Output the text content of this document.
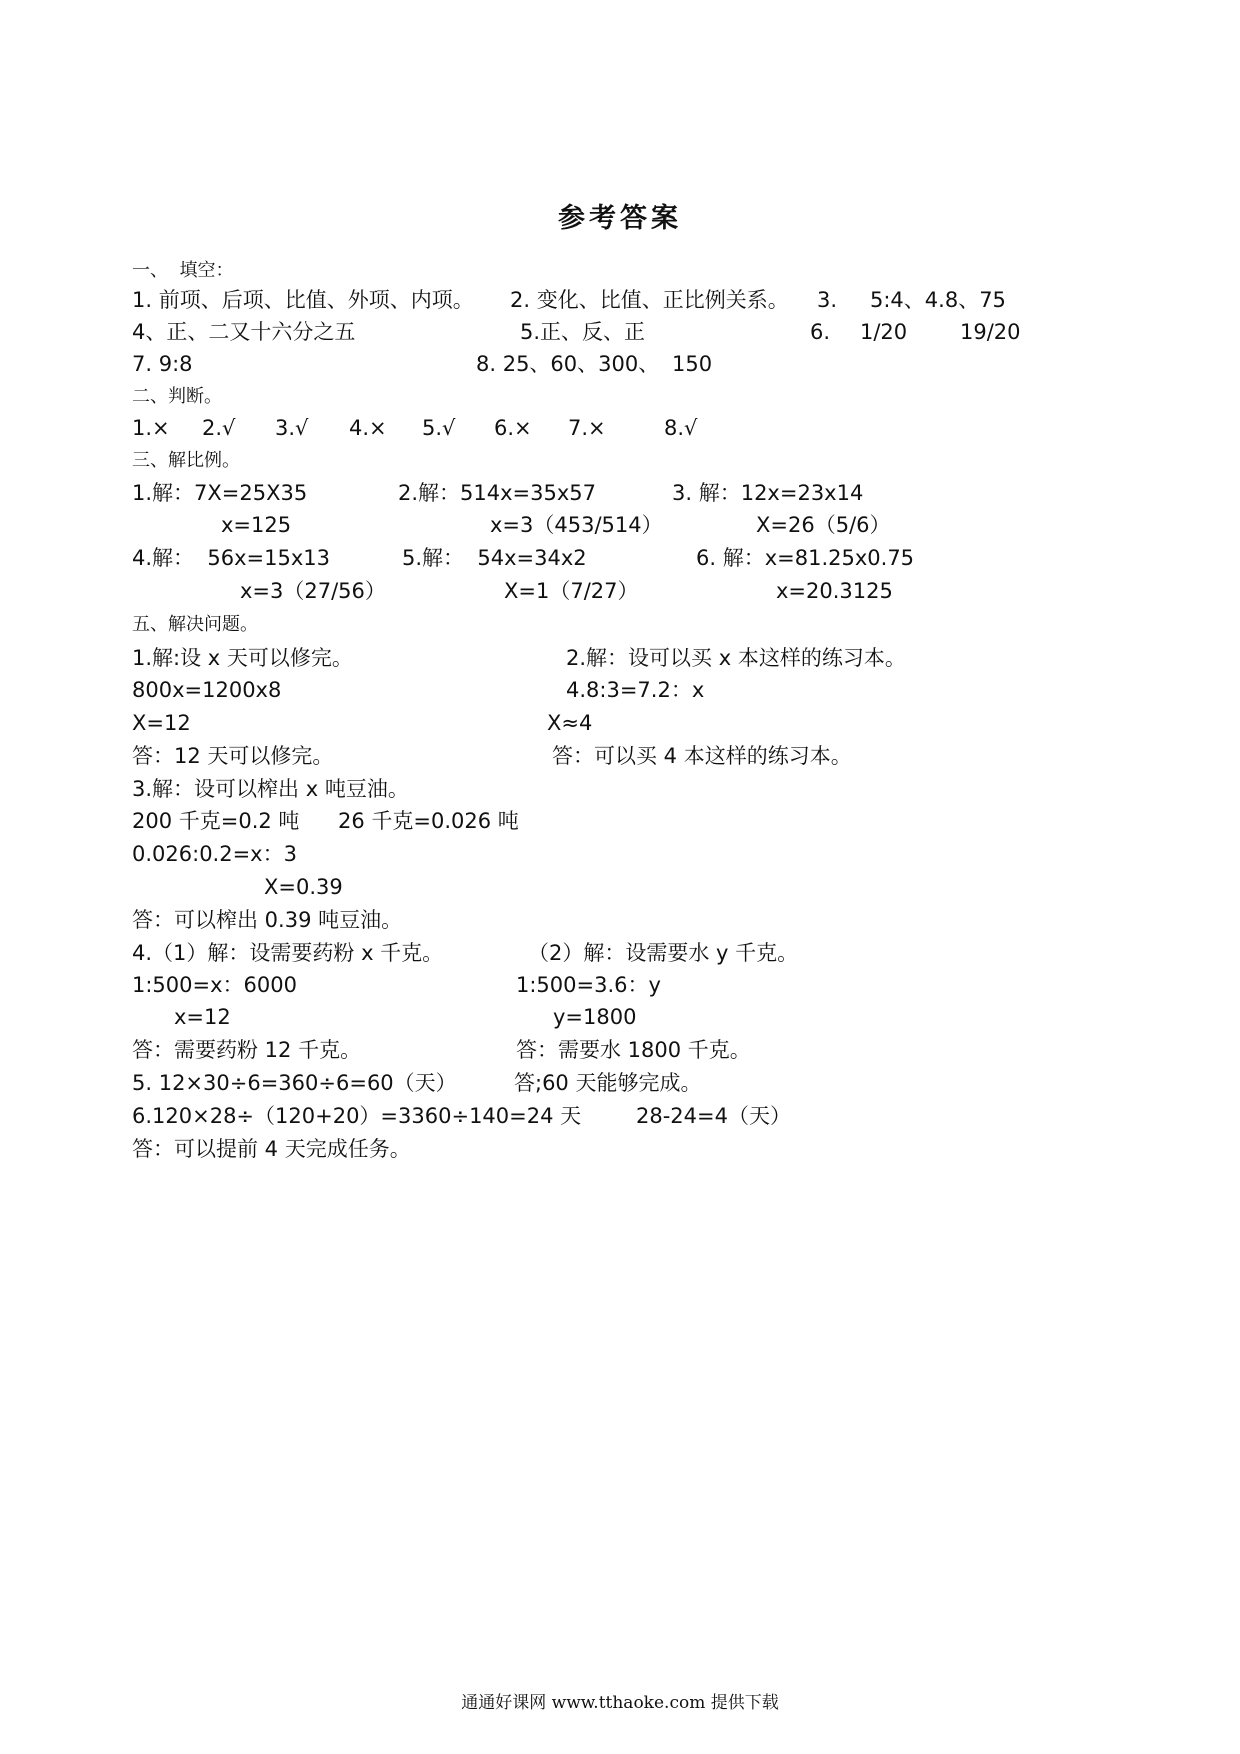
参考答案
一、  填空：
1. 前项、后项、比值、外项、内项。 2. 变化、比值、正比例关系。 3. 5:4、4.8、75
4、正、二又十六分之五	5.正、反、正	6. 1/20	19/20
7. 9:8	8. 25、60、300、 150
二、判断。
1.× 2.√ 3.√ 4.× 5.√ 6.× 7.×	8.√
三、解比例。
1.解：7X=25X35	2.解：514x=35x57	3. 解：12x=23x14
x=125	x=3（453/514）	X=26（5/6）
4.解：  56x=15x13	5.解：  54x=34x2	6. 解：x=81.25x0.75
x=3（27/56）	X=1（7/27）	x=20.3125
五、解决问题。
1.解:设 x 天可以修完。
800x=1200x8
X=12
答：12 天可以修完。
2.解：设可以买 x 本这样的练习本。
4.8:3=7.2：x
X≈4
答：可以买 4 本这样的练习本。
3.解：设可以榨出 x 吨豆油。
200 千克=0.2 吨 26 千克=0.026 吨
0.026:0.2=x：3
X=0.39
答：可以榨出 0.39 吨豆油。
4.（1）解：设需要药粉 x 千克。
1:500=x：6000
x=12
答：需要药粉 12 千克。
（2）解：设需要水 y 千克。
1:500=3.6：y
y=1800
答：需要水 1800 千克。
5. 12×30÷6=360÷6=60（天）	答;60 天能够完成。
6.120×28÷（120+20）=3360÷140=24 天	28-24=4（天）
答：可以提前 4 天完成任务。
通通好课网 www.tthaoke.com 提供下载
